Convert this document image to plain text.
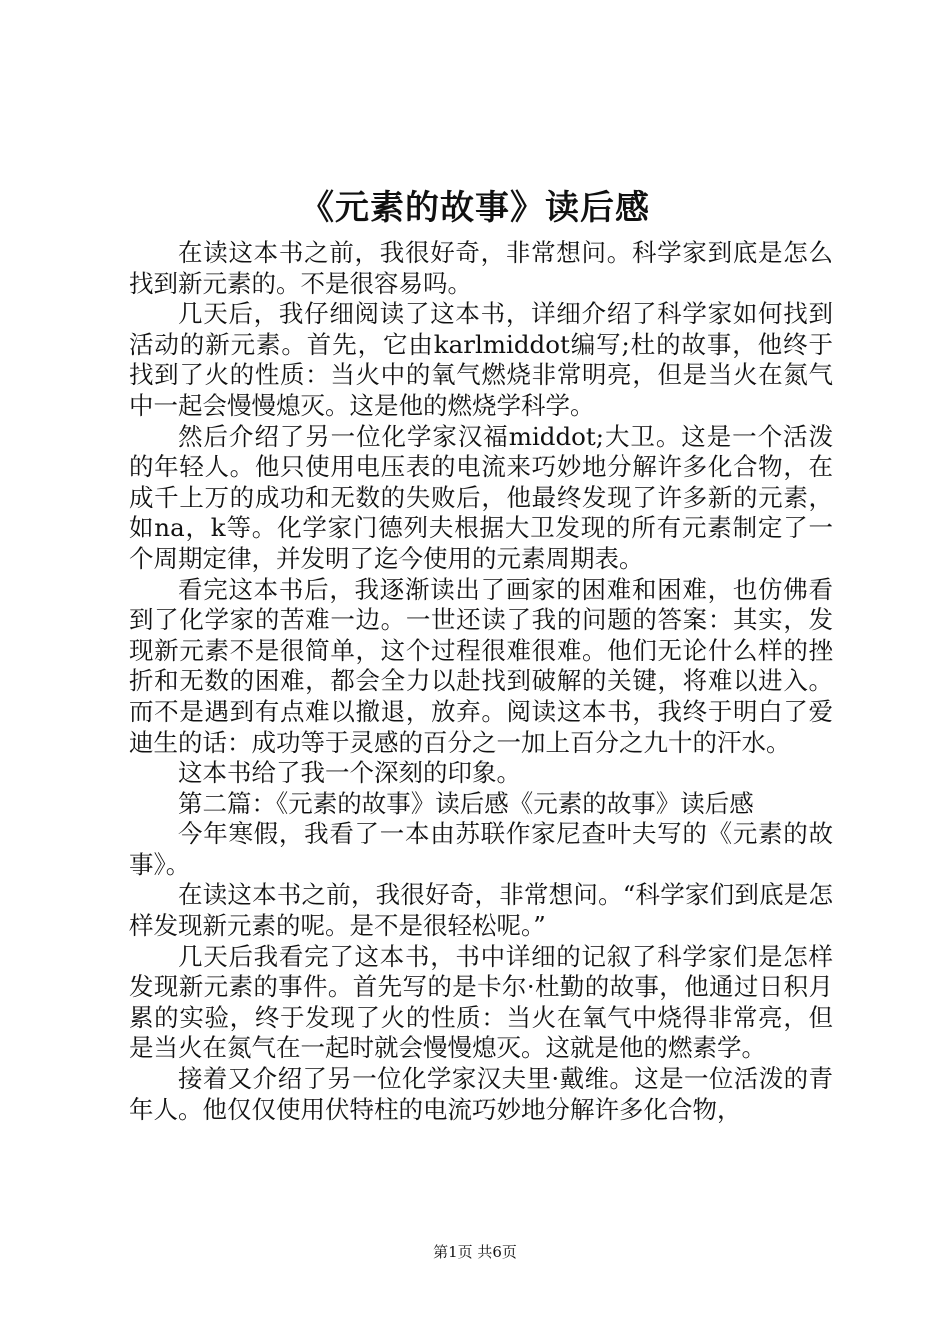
《元素的故事》读后感

在读这本书之前，我很好奇，非常想问。科学家到底是怎么找到新元素的。不是很容易吗。

几天后，我仔细阅读了这本书，详细介绍了科学家如何找到活动的新元素。首先，它由karlmiddot编写;杜的故事，他终于找到了火的性质：当火中的氧气燃烧非常明亮，但是当火在氮气中一起会慢慢熄灭。这是他的燃烧学科学。

然后介绍了另一位化学家汉福middot;大卫。这是一个活泼的年轻人。他只使用电压表的电流来巧妙地分解许多化合物，在成千上万的成功和无数的失败后，他最终发现了许多新的元素，如na，k等。化学家门德列夫根据大卫发现的所有元素制定了一个周期定律，并发明了迄今使用的元素周期表。

看完这本书后，我逐渐读出了画家的困难和困难，也仿佛看到了化学家的苦难一边。一世还读了我的问题的答案：其实，发现新元素不是很简单，这个过程很难很难。他们无论什么样的挫折和无数的困难，都会全力以赴找到破解的关键，将难以进入。而不是遇到有点难以撤退，放弃。阅读这本书，我终于明白了爱迪生的话：成功等于灵感的百分之一加上百分之九十的汗水。

这本书给了我一个深刻的印象。

第二篇：《元素的故事》读后感《元素的故事》读后感

今年寒假，我看了一本由苏联作家尼查叶夫写的《元素的故事》。

在读这本书之前，我很好奇，非常想问。“科学家们到底是怎样发现新元素的呢。是不是很轻松呢。”

几天后我看完了这本书，书中详细的记叙了科学家们是怎样发现新元素的事件。首先写的是卡尔·杜勤的故事，他通过日积月累的实验，终于发现了火的性质：当火在氧气中烧得非常亮，但是当火在氮气在一起时就会慢慢熄灭。这就是他的燃素学。

接着又介绍了另一位化学家汉夫里·戴维。这是一位活泼的青年人。他仅仅使用伏特柱的电流巧妙地分解许多化合物，

第1页 共6页
